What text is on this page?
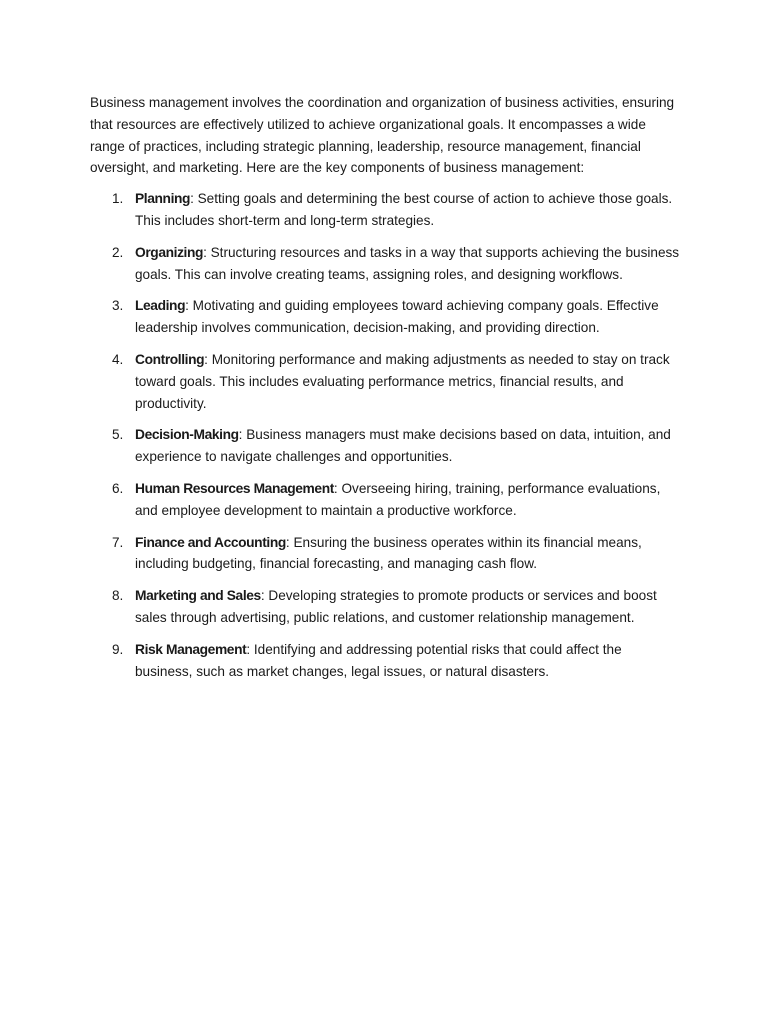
Business management involves the coordination and organization of business activities, ensuring that resources are effectively utilized to achieve organizational goals. It encompasses a wide range of practices, including strategic planning, leadership, resource management, financial oversight, and marketing. Here are the key components of business management:

1. Planning: Setting goals and determining the best course of action to achieve those goals. This includes short-term and long-term strategies.
2. Organizing: Structuring resources and tasks in a way that supports achieving the business goals. This can involve creating teams, assigning roles, and designing workflows.
3. Leading: Motivating and guiding employees toward achieving company goals. Effective leadership involves communication, decision-making, and providing direction.
4. Controlling: Monitoring performance and making adjustments as needed to stay on track toward goals. This includes evaluating performance metrics, financial results, and productivity.
5. Decision-Making: Business managers must make decisions based on data, intuition, and experience to navigate challenges and opportunities.
6. Human Resources Management: Overseeing hiring, training, performance evaluations, and employee development to maintain a productive workforce.
7. Finance and Accounting: Ensuring the business operates within its financial means, including budgeting, financial forecasting, and managing cash flow.
8. Marketing and Sales: Developing strategies to promote products or services and boost sales through advertising, public relations, and customer relationship management.
9. Risk Management: Identifying and addressing potential risks that could affect the business, such as market changes, legal issues, or natural disasters.
